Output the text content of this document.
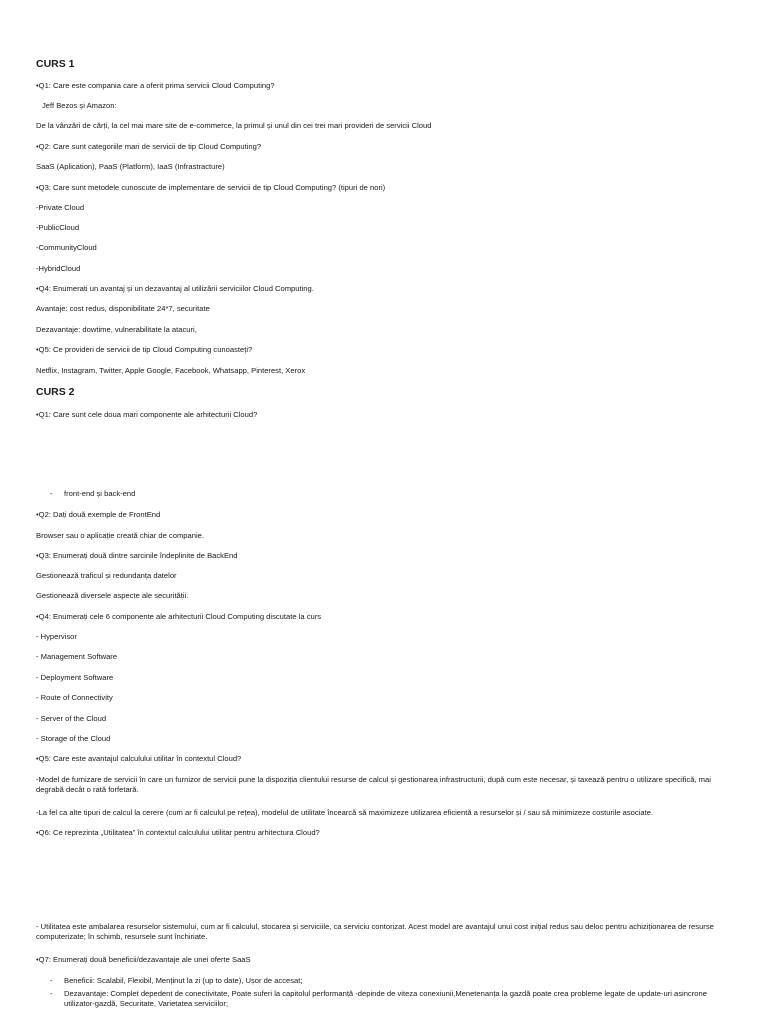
CURS 1
•Q1: Care este compania care a oferit prima servicii Cloud Computing?
Jeff Bezos și Amazon:
De la vânzări de cărți, la cel mai mare site de e-commerce, la primul și unul din cei trei mari provideri de servicii Cloud
•Q2: Care sunt categoriile mari de servicii de tip Cloud Computing?
SaaS (Aplication), PaaS (Platform), IaaS (Infrastracture)
•Q3: Care sunt metodele cunoscute de implementare de servicii de tip Cloud Computing? (tipuri de nori)
-Private Cloud
-PublicCloud
-CommunityCloud
-HybridCloud
•Q4: Enumerati un avantaj și un dezavantaj al utilizării serviciilor Cloud Computing.
Avantaje: cost redus, disponibilitate 24*7, securitate
Dezavantaje: dowtime, vulnerabilitate la atacuri,
•Q5: Ce provideri de servicii de tip Cloud Computing cunoasteți?
Netflix, Instagram, Twitter, Apple Google, Facebook, Whatsapp, Pinterest, Xerox
CURS 2
•Q1: Care sunt cele doua mari componente ale arhitecturii Cloud?
- front-end și back-end
•Q2: Dați două exemple de FrontEnd
Browser sau o aplicație creată chiar de companie.
•Q3: Enumerați două dintre sarcinile îndeplinite de BackEnd
Gestionează traficul și redundanța datelor
Gestionează diversele aspecte ale securității.
•Q4: Enumerați cele 6 componente ale arhitecturii Cloud Computing discutate la curs
- Hypervisor
- Management Software
- Deployment Software
- Route of Connectivity
- Server of the Cloud
- Storage of the Cloud
•Q5: Care este avantajul calculului utilitar în contextul Cloud?
-Model de furnizare de servicii în care un furnizor de servicii pune la dispoziția clientului resurse de calcul și gestionarea infrastructurii, după cum este necesar, și taxează pentru o utilizare specifică, mai degrabă decât o rată forfetară.
-La fel ca alte tipuri de calcul la cerere (cum ar fi calculul pe rețea), modelul de utilitate încearcă să maximizeze utilizarea eficientă a resurselor și / sau să minimizeze costurile asociate.
•Q6: Ce reprezinta „Utilitatea” în contextul calculului utilitar pentru arhitectura Cloud?
- Utilitatea este ambalarea resurselor sistemului, cum ar fi calculul, stocarea și serviciile, ca serviciu contorizat. Acest model are avantajul unui cost inițial redus sau deloc pentru achiziționarea de resurse computerizate; în schimb, resursele sunt închiriate.
•Q7: Enumerați două beneficii/dezavantaje ale unei oferte SaaS
- Beneficii: Scalabil, Flexibil, Menținut la zi (up to date), Ușor de accesat;
- Dezavantaje: Complet depedent de conectivitate, Poate suferi la capitolul performanță -depinde de viteza conexiunii,Menetenanța la gazdă poate crea probleme legate de update-uri asincrone utilizator-gazdă, Securitate, Varietatea serviciilor;
